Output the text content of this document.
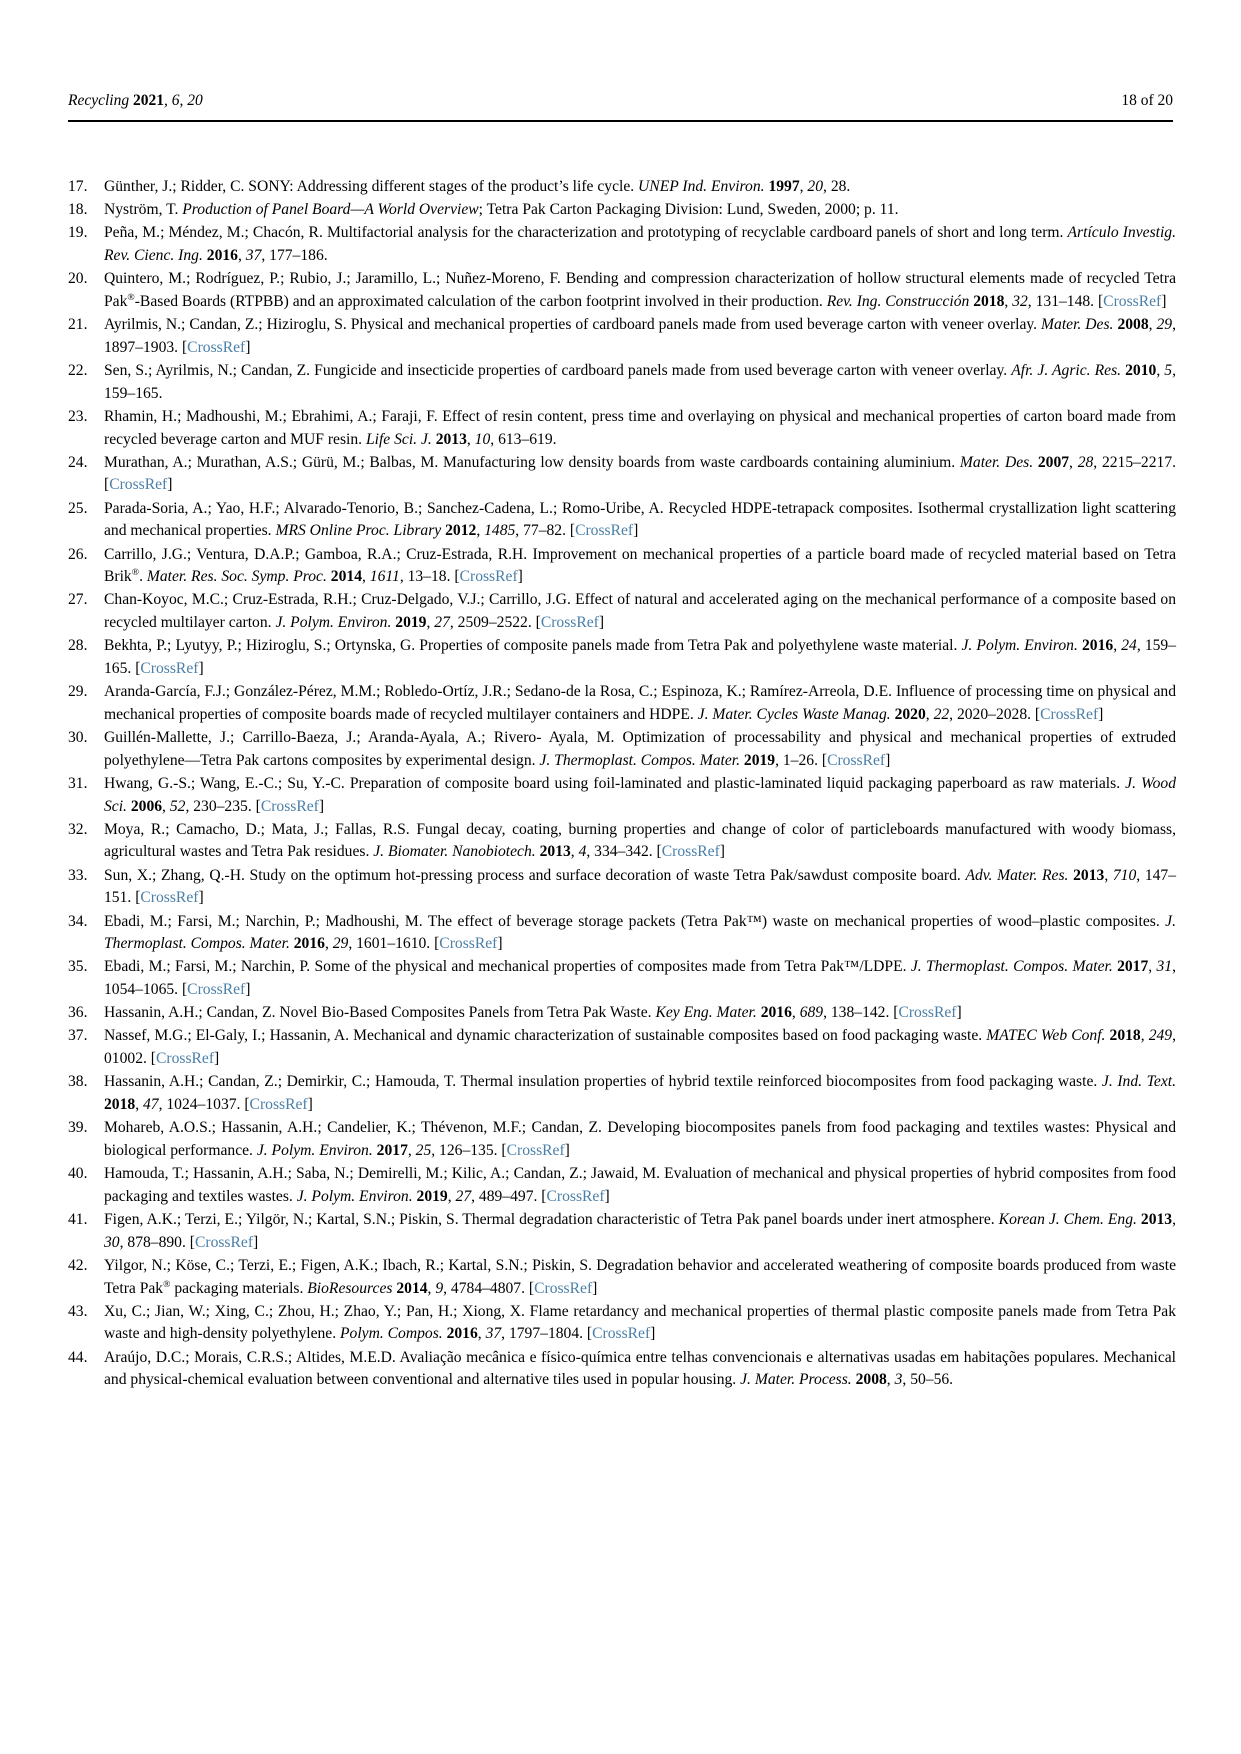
Recycling 2021, 6, 20	18 of 20
17.	Günther, J.; Ridder, C. SONY: Addressing different stages of the product’s life cycle. UNEP Ind. Environ. 1997, 20, 28.
18.	Nyström, T. Production of Panel Board—A World Overview; Tetra Pak Carton Packaging Division: Lund, Sweden, 2000; p. 11.
19.	Peña, M.; Méndez, M.; Chacón, R. Multifactorial analysis for the characterization and prototyping of recyclable cardboard panels of short and long term. Artículo Investig. Rev. Cienc. Ing. 2016, 37, 177–186.
20.	Quintero, M.; Rodríguez, P.; Rubio, J.; Jaramillo, L.; Nuñez-Moreno, F. Bending and compression characterization of hollow structural elements made of recycled Tetra Pak®-Based Boards (RTPBB) and an approximated calculation of the carbon footprint involved in their production. Rev. Ing. Construcción 2018, 32, 131–148. [CrossRef]
21.	Ayrilmis, N.; Candan, Z.; Hiziroglu, S. Physical and mechanical properties of cardboard panels made from used beverage carton with veneer overlay. Mater. Des. 2008, 29, 1897–1903. [CrossRef]
22.	Sen, S.; Ayrilmis, N.; Candan, Z. Fungicide and insecticide properties of cardboard panels made from used beverage carton with veneer overlay. Afr. J. Agric. Res. 2010, 5, 159–165.
23.	Rhamin, H.; Madhoushi, M.; Ebrahimi, A.; Faraji, F. Effect of resin content, press time and overlaying on physical and mechanical properties of carton board made from recycled beverage carton and MUF resin. Life Sci. J. 2013, 10, 613–619.
24.	Murathan, A.; Murathan, A.S.; Gürü, M.; Balbas, M. Manufacturing low density boards from waste cardboards containing aluminium. Mater. Des. 2007, 28, 2215–2217. [CrossRef]
25.	Parada-Soria, A.; Yao, H.F.; Alvarado-Tenorio, B.; Sanchez-Cadena, L.; Romo-Uribe, A. Recycled HDPE-tetrapack composites. Isothermal crystallization light scattering and mechanical properties. MRS Online Proc. Library 2012, 1485, 77–82. [CrossRef]
26.	Carrillo, J.G.; Ventura, D.A.P.; Gamboa, R.A.; Cruz-Estrada, R.H. Improvement on mechanical properties of a particle board made of recycled material based on Tetra Brik®. Mater. Res. Soc. Symp. Proc. 2014, 1611, 13–18. [CrossRef]
27.	Chan-Koyoc, M.C.; Cruz-Estrada, R.H.; Cruz-Delgado, V.J.; Carrillo, J.G. Effect of natural and accelerated aging on the mechanical performance of a composite based on recycled multilayer carton. J. Polym. Environ. 2019, 27, 2509–2522. [CrossRef]
28.	Bekhta, P.; Lyutyy, P.; Hiziroglu, S.; Ortynska, G. Properties of composite panels made from Tetra Pak and polyethylene waste material. J. Polym. Environ. 2016, 24, 159–165. [CrossRef]
29.	Aranda-García, F.J.; González-Pérez, M.M.; Robledo-Ortíz, J.R.; Sedano-de la Rosa, C.; Espinoza, K.; Ramírez-Arreola, D.E. Influence of processing time on physical and mechanical properties of composite boards made of recycled multilayer containers and HDPE. J. Mater. Cycles Waste Manag. 2020, 22, 2020–2028. [CrossRef]
30.	Guillén-Mallette, J.; Carrillo-Baeza, J.; Aranda-Ayala, A.; Rivero- Ayala, M. Optimization of processability and physical and mechanical properties of extruded polyethylene—Tetra Pak cartons composites by experimental design. J. Thermoplast. Compos. Mater. 2019, 1–26. [CrossRef]
31.	Hwang, G.-S.; Wang, E.-C.; Su, Y.-C. Preparation of composite board using foil-laminated and plastic-laminated liquid packaging paperboard as raw materials. J. Wood Sci. 2006, 52, 230–235. [CrossRef]
32.	Moya, R.; Camacho, D.; Mata, J.; Fallas, R.S. Fungal decay, coating, burning properties and change of color of particleboards manufactured with woody biomass, agricultural wastes and Tetra Pak residues. J. Biomater. Nanobiotech. 2013, 4, 334–342. [CrossRef]
33.	Sun, X.; Zhang, Q.-H. Study on the optimum hot-pressing process and surface decoration of waste Tetra Pak/sawdust composite board. Adv. Mater. Res. 2013, 710, 147–151. [CrossRef]
34.	Ebadi, M.; Farsi, M.; Narchin, P.; Madhoushi, M. The effect of beverage storage packets (Tetra Pak™) waste on mechanical properties of wood–plastic composites. J. Thermoplast. Compos. Mater. 2016, 29, 1601–1610. [CrossRef]
35.	Ebadi, M.; Farsi, M.; Narchin, P. Some of the physical and mechanical properties of composites made from Tetra Pak™/LDPE. J. Thermoplast. Compos. Mater. 2017, 31, 1054–1065. [CrossRef]
36.	Hassanin, A.H.; Candan, Z. Novel Bio-Based Composites Panels from Tetra Pak Waste. Key Eng. Mater. 2016, 689, 138–142. [CrossRef]
37.	Nassef, M.G.; El-Galy, I.; Hassanin, A. Mechanical and dynamic characterization of sustainable composites based on food packaging waste. MATEC Web Conf. 2018, 249, 01002. [CrossRef]
38.	Hassanin, A.H.; Candan, Z.; Demirkir, C.; Hamouda, T. Thermal insulation properties of hybrid textile reinforced biocomposites from food packaging waste. J. Ind. Text. 2018, 47, 1024–1037. [CrossRef]
39.	Mohareb, A.O.S.; Hassanin, A.H.; Candelier, K.; Thévenon, M.F.; Candan, Z. Developing biocomposites panels from food packaging and textiles wastes: Physical and biological performance. J. Polym. Environ. 2017, 25, 126–135. [CrossRef]
40.	Hamouda, T.; Hassanin, A.H.; Saba, N.; Demirelli, M.; Kilic, A.; Candan, Z.; Jawaid, M. Evaluation of mechanical and physical properties of hybrid composites from food packaging and textiles wastes. J. Polym. Environ. 2019, 27, 489–497. [CrossRef]
41.	Figen, A.K.; Terzi, E.; Yilgör, N.; Kartal, S.N.; Piskin, S. Thermal degradation characteristic of Tetra Pak panel boards under inert atmosphere. Korean J. Chem. Eng. 2013, 30, 878–890. [CrossRef]
42.	Yilgor, N.; Köse, C.; Terzi, E.; Figen, A.K.; Ibach, R.; Kartal, S.N.; Piskin, S. Degradation behavior and accelerated weathering of composite boards produced from waste Tetra Pak® packaging materials. BioResources 2014, 9, 4784–4807. [CrossRef]
43.	Xu, C.; Jian, W.; Xing, C.; Zhou, H.; Zhao, Y.; Pan, H.; Xiong, X. Flame retardancy and mechanical properties of thermal plastic composite panels made from Tetra Pak waste and high-density polyethylene. Polym. Compos. 2016, 37, 1797–1804. [CrossRef]
44.	Araújo, D.C.; Morais, C.R.S.; Altides, M.E.D. Avaliação mecânica e físico-química entre telhas convencionais e alternativas usadas em habitações populares. Mechanical and physical-chemical evaluation between conventional and alternative tiles used in popular housing. J. Mater. Process. 2008, 3, 50–56.
